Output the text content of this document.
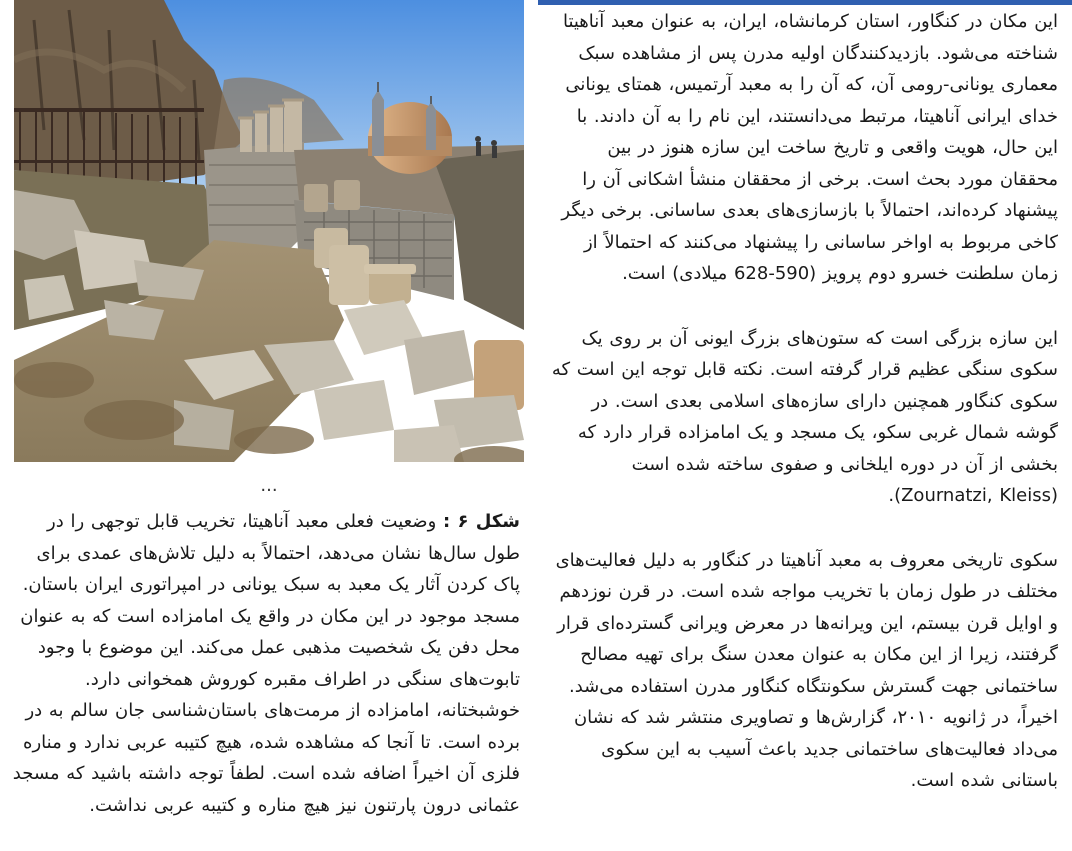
...

این مکان در کنگاور، استان کرمانشاه، ایران، به عنوان معبد آناهیتا شناخته می‌شود. بازدیدکنندگان اولیه مدرن پس از مشاهده سبک معماری یونانی-رومی آن، که آن را به معبد آرتمیس، همتای یونانی خدای ایرانی آناهیتا، مرتبط می‌دانستند، این نام را به آن دادند. با این حال، هویت واقعی و تاریخ ساخت این سازه هنوز در بین محققان مورد بحث است. برخی از محققان منشأ اشکانی آن را پیشنهاد کرده‌اند، احتمالاً با بازسازی‌های بعدی ساسانی. برخی دیگر کاخی مربوط به اواخر ساسانی را پیشنهاد می‌کنند که احتمالاً از زمان سلطنت خسرو دوم پرویز (590-628 میلادی) است.

این سازه بزرگی است که ستون‌های بزرگ ایونی آن بر روی یک سکوی سنگی عظیم قرار گرفته است. نکته قابل توجه این است که سکوی کنگاور همچنین دارای سازه‌های اسلامی بعدی است. در گوشه شمال غربی سکو، یک مسجد و یک امامزاده قرار دارد که بخشی از آن در دوره ایلخانی و صفوی ساخته شده است (Zournatzi, Kleiss).

سکوی تاریخی معروف به معبد آناهیتا در کنگاور به دلیل فعالیت‌های مختلف در طول زمان با تخریب مواجه شده است. در قرن نوزدهم و اوایل قرن بیستم، این ویرانه‌ها در معرض ویرانی گسترده‌ای قرار گرفتند، زیرا از این مکان به عنوان معدن سنگ برای تهیه مصالح ساختمانی جهت گسترش سکونتگاه کنگاور مدرن استفاده می‌شد. اخیراً، در ژانویه ۲۰۱۰، گزارش‌ها و تصاویری منتشر شد که نشان می‌داد فعالیت‌های ساختمانی جدید باعث آسیب به این سکوی باستانی شده است.

شکل ۶ : وضعیت فعلی معبد آناهیتا، تخریب قابل توجهی را در طول سال‌ها نشان می‌دهد، احتمالاً به دلیل تلاش‌های عمدی برای پاک کردن آثار یک معبد به سبک یونانی در امپراتوری ایران باستان. مسجد موجود در این مکان در واقع یک امامزاده است که به عنوان محل دفن یک شخصیت مذهبی عمل می‌کند. این موضوع با وجود تابوت‌های سنگی در اطراف مقبره کوروش همخوانی دارد. خوشبختانه، امامزاده از مرمت‌های باستان‌شناسی جان سالم به در برده است. تا آنجا که مشاهده شده، هیچ کتیبه عربی ندارد و مناره فلزی آن اخیراً اضافه شده است. لطفاً توجه داشته باشید که مسجد عثمانی درون پارتنون نیز هیچ مناره و کتیبه عربی نداشت.
